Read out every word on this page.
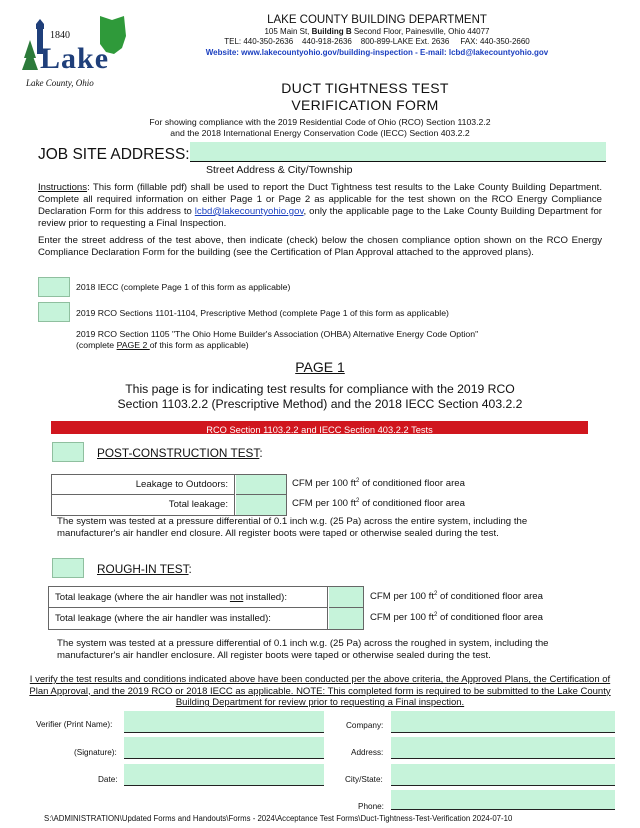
1840
Lake
Lake County, Ohio
LAKE COUNTY BUILDING DEPARTMENT
105 Main St, Building B Second Floor, Painesville, Ohio 44077
TEL: 440-350-2636    440-918-2636    800-899-LAKE Ext. 2636     FAX: 440-350-2660
Website: www.lakecountyohio.gov/building-inspection - E-mail: lcbd@lakecountyohio.gov
DUCT TIGHTNESS TEST
VERIFICATION FORM
For showing compliance with the 2019 Residential Code of Ohio (RCO) Section 1103.2.2
and the 2018 International Energy Conservation Code (IECC) Section 403.2.2
JOB SITE ADDRESS:
Street Address & City/Township
Instructions: This form (fillable pdf) shall be used to report the Duct Tightness test results to the Lake County Building Department. Complete all required information on either Page 1 or Page 2 as applicable for the test shown on the RCO Energy Compliance Declaration Form for this address to lcbd@lakecountyohio.gov, only the applicable page to the Lake County Building Department for review prior to requesting a Final Inspection.
Enter the street address of the test above, then indicate (check) below the chosen compliance option shown on the RCO Energy Compliance Declaration Form for the building (see the Certification of Plan Approval attached to the approved plans).
2018 IECC (complete Page 1 of this form as applicable)
2019 RCO Sections 1101-1104, Prescriptive Method (complete Page 1 of this form as applicable)
2019 RCO Section 1105 "The Ohio Home Builder's Association (OHBA) Alternative Energy Code Option"
(complete PAGE 2 of this form as applicable)
PAGE 1
This page is for indicating test results for compliance with the 2019 RCO
Section 1103.2.2 (Prescriptive Method) and the 2018 IECC Section 403.2.2
RCO Section 1103.2.2 and IECC Section 403.2.2 Tests
POST-CONSTRUCTION TEST:
Leakage to Outdoors:
Total leakage:
CFM per 100 $ft^2$ of conditioned floor area
CFM per 100 $ft^2$ of conditioned floor area
The system was tested at a pressure differential of 0.1 inch w.g. (25 Pa) across the entire system, including the manufacturer's air handler end closure. All register boots were taped or otherwise sealed during the test.
ROUGH-IN TEST:
Total leakage (where the air handler was not installed):
Total leakage (where the air handler was installed):
CFM per 100 $ft^2$ of conditioned floor area
CFM per 100 $ft^2$ of conditioned floor area
The system was tested at a pressure differential of 0.1 inch w.g. (25 Pa) across the roughed in system, including the manufacturer's air handler enclosure. All register boots were taped or otherwise sealed during the test.
I verify the test results and conditions indicated above have been conducted per the above criteria, the Approved Plans, the Certification of Plan Approval, and the 2019 RCO or 2018 IECC as applicable. NOTE: This completed form is required to be submitted to the Lake County Building Department for review prior to requesting a Final inspection.
Verifier (Print Name):
(Signature):
Date:
Company:
Address:
City/State:
Phone:
S:\ADMINISTRATION\Updated Forms and Handouts\Forms - 2024\Acceptance Test Forms\Duct-Tightness-Test-Verification 2024-07-10
